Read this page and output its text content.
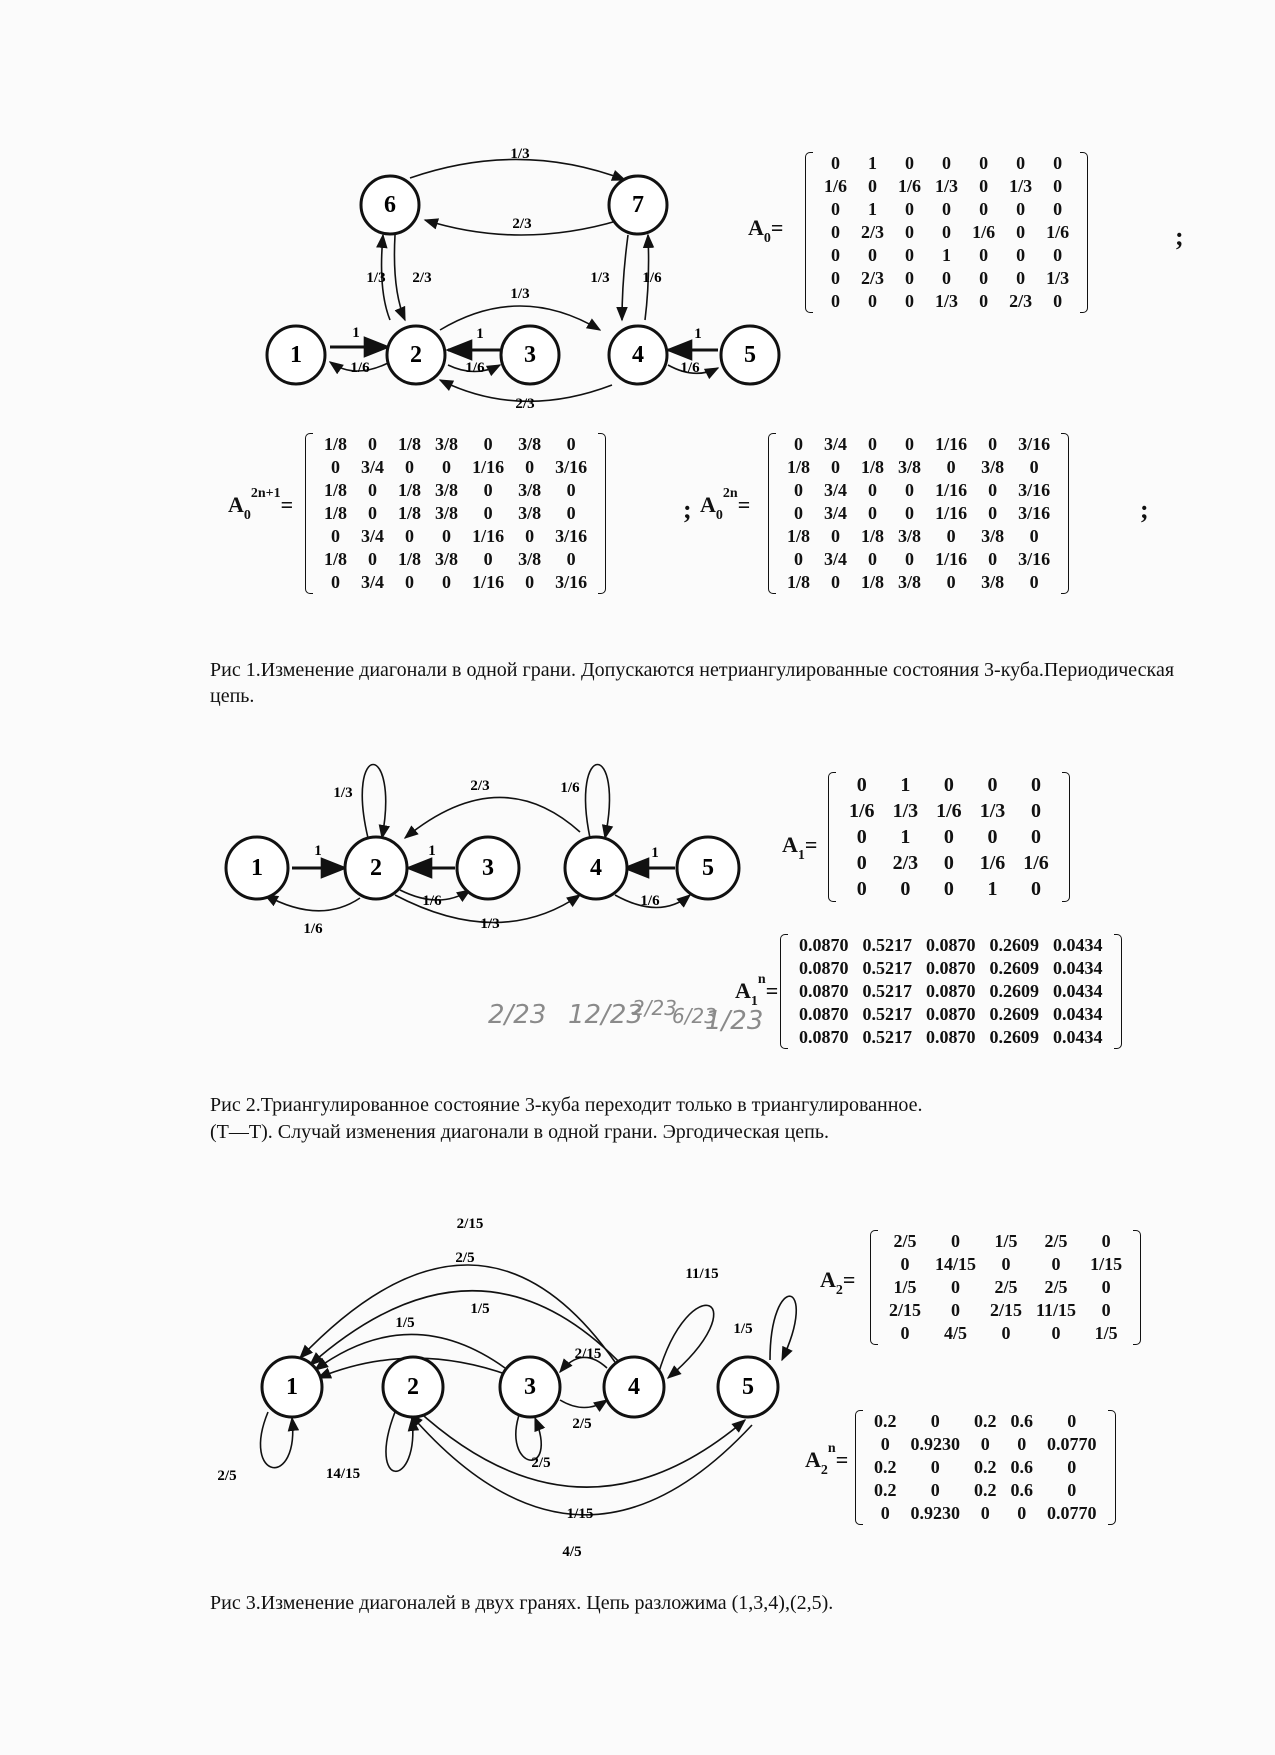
1/3
2/3
1/3 2/3
1/3
1/3 1/6
1
1/6
1
1/6
1
1/6
2/3
6	7
1	2	3	4	5
$A_0=$
0	1	0	0	0	0	0
1/6	0	1/6	1/3	0	1/3	0
0	1	0	0	0	0	0
0	2/3	0	0	1/6	0	1/6
0	0	0	1	0	0	0
0	2/3	0	0	0	0	1/3
0	0	0	1/3	0	2/3	0
;
$A_0^{2n+1}=$
1/8	0	1/8	3/8	0	3/8	0
0	3/4	0	0	1/16	0	3/16
1/8	0	1/8	3/8	0	3/8	0
1/8	0	1/8	3/8	0	3/8	0
0	3/4	0	0	1/16	0	3/16
1/8	0	1/8	3/8	0	3/8	0
0	3/4	0	0	1/16	0	3/16
; $A_0^{2n}=$
0	3/4	0	0	1/16	0	3/16
1/8	0	1/8	3/8	0	3/8	0
0	3/4	0	0	1/16	0	3/16
0	3/4	0	0	1/16	0	3/16
1/8	0	1/8	3/8	0	3/8	0
0	3/4	0	0	1/16	0	3/16
1/8	0	1/8	3/8	0	3/8	0
;
Рис 1.Изменение диагонали в одной грани. Допускаются нетриангулированные состояния 3-куба.Периодическая цепь.
1/3	1/6
2/3
1	1	1
1/6
1/6	1/3
1/6
1	2	3	4	5
$A_1=$
0	1	0	0	0
1/6	1/3	1/6	1/3	0
0	1	0	0	0
0	2/3	0	1/6	1/6
0	0	0	1	0
$A_1^n=$
0.0870	0.5217	0.0870	0.2609	0.0434
0.0870	0.5217	0.0870	0.2609	0.0434
0.0870	0.5217	0.0870	0.2609	0.0434
0.0870	0.5217	0.0870	0.2609	0.0434
0.0870	0.5217	0.0870	0.2609	0.0434
2/23 12/23
2/23
6/23
1/23
Рис 2.Триангулированное состояние 3-куба переходит только в триангулированное.
(Т—Т). Случай изменения диагонали в одной грани. Эргодическая цепь.
2/15
2/5
11/15
1/5
1/5
2/15
2/5
1/5
2/5	14/15
2/5
1/15
4/5
1	2	3	4	5
$A_2=$
2/5	0	1/5	2/5	0
0	14/15	0	0	1/15
1/5	0	2/5	2/5	0
2/15	0	2/15	11/15	0
0	4/5	0	0	1/5
$A_2^n=$
0.2	0	0.2	0.6	0
0	0.9230	0	0	0.0770
0.2	0	0.2	0.6	0
0.2	0	0.2	0.6	0
0	0.9230	0	0	0.0770
Рис 3.Изменение диагоналей в двух гранях. Цепь разложима (1,3,4),(2,5).
